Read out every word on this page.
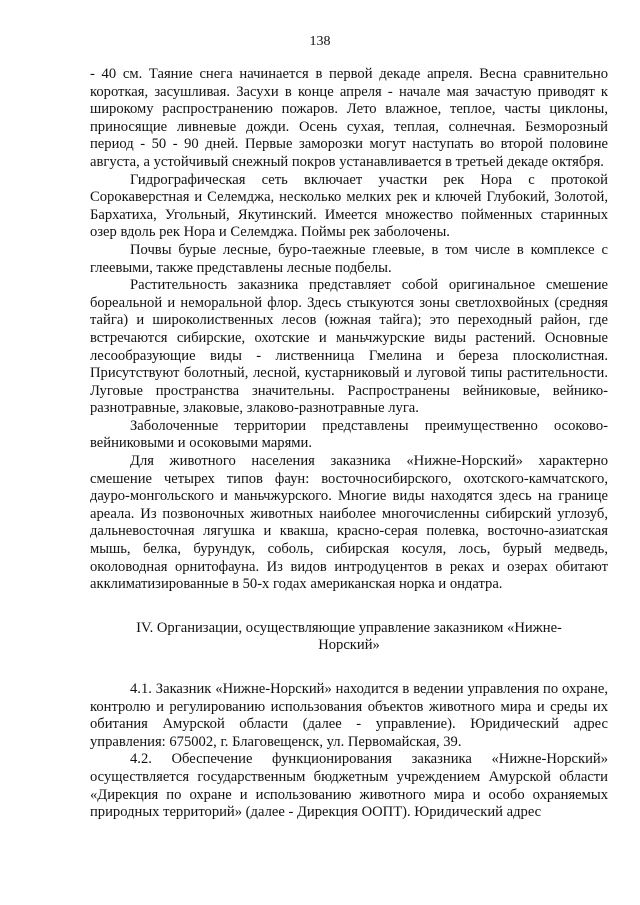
138

- 40 см. Таяние снега начинается в первой декаде апреля. Весна сравнительно короткая, засушливая. Засухи в конце апреля - начале мая зачастую приводят к широкому распространению пожаров. Лето влажное, теплое, часты циклоны, приносящие ливневые дожди. Осень сухая, теплая, солнечная. Безморозный период - 50 - 90 дней. Первые заморозки могут наступать во второй половине августа, а устойчивый снежный покров устанавливается в третьей декаде октября.

Гидрографическая сеть включает участки рек Нора с протокой Сорокаверстная и Селемджа, несколько мелких рек и ключей Глубокий, Золотой, Бархатиха, Угольный, Якутинский. Имеется множество пойменных старинных озер вдоль рек Нора и Селемджа. Поймы рек заболочены.

Почвы бурые лесные, буро-таежные глеевые, в том числе в комплексе с глеевыми, также представлены лесные подбелы.

Растительность заказника представляет собой оригинальное смешение бореальной и неморальной флор. Здесь стыкуются зоны светлохвойных (средняя тайга) и широколиственных лесов (южная тайга); это переходный район, где встречаются сибирские, охотские и маньчжурские виды растений. Основные лесообразующие виды - лиственница Гмелина и береза плосколистная. Присутствуют болотный, лесной, кустарниковый и луговой типы растительности. Луговые пространства значительны. Распространены вейниковые, вейнико-разнотравные, злаковые, злаково-разнотравные луга.

Заболоченные территории представлены преимущественно осоково-вейниковыми и осоковыми марями.

Для животного населения заказника «Нижне-Норский» характерно смешение четырех типов фаун: восточносибирского, охотского-камчатского, дауро-монгольского и маньчжурского. Многие виды находятся здесь на границе ареала. Из позвоночных животных наиболее многочисленны сибирский углозуб, дальневосточная лягушка и квакша, красно-серая полевка, восточно-азиатская мышь, белка, бурундук, соболь, сибирская косуля, лось, бурый медведь, околоводная орнитофауна. Из видов интродуцентов в реках и озерах обитают акклиматизированные в 50-х годах американская норка и ондатра.

IV. Организации, осуществляющие управление заказником «Нижне-Норский»

4.1. Заказник «Нижне-Норский» находится в ведении управления по охране, контролю и регулированию использования объектов животного мира и среды их обитания Амурской области (далее - управление). Юридический адрес управления: 675002, г. Благовещенск, ул. Первомайская, 39.

4.2. Обеспечение функционирования заказника «Нижне-Норский» осуществляется государственным бюджетным учреждением Амурской области «Дирекция по охране и использованию животного мира и особо охраняемых природных территорий» (далее - Дирекция ООПТ). Юридический адрес
